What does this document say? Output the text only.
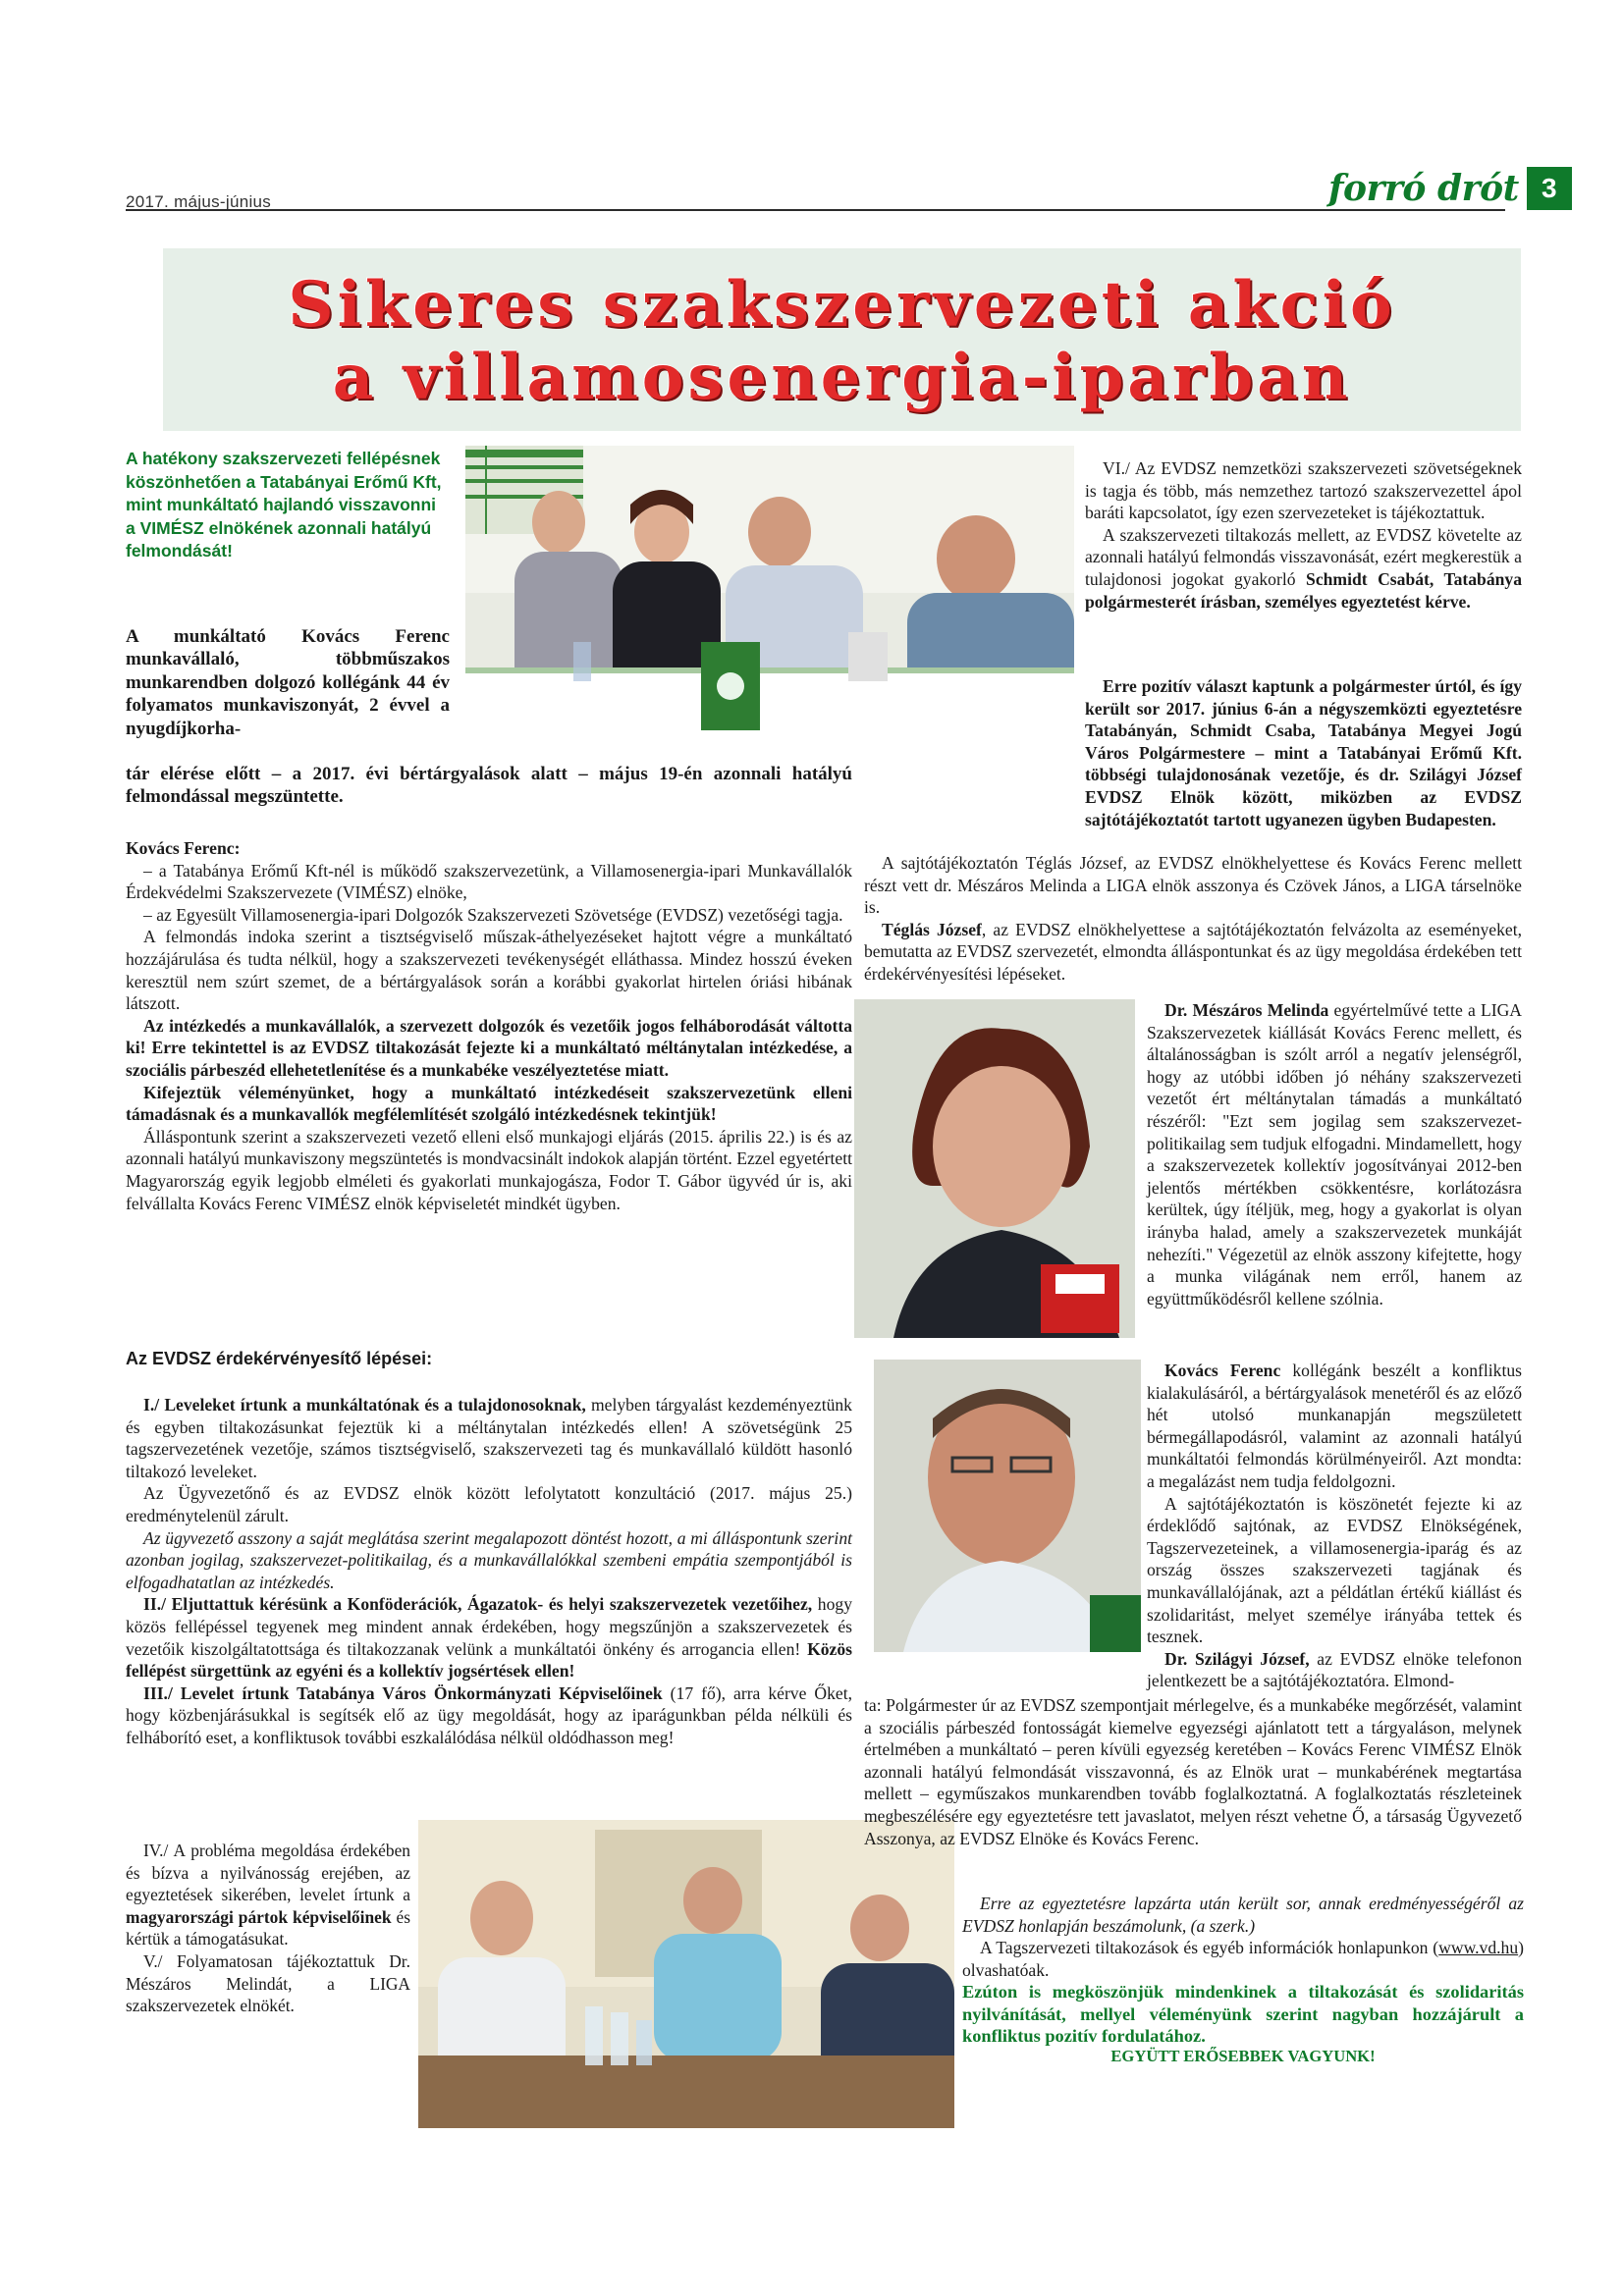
2017. május-június	forró drót 3
Sikeres szakszervezeti akció
a villamosenergia-iparban
A hatékony szakszervezeti fellépésnek köszönhetően a Tatabányai Erőmű Kft, mint munkáltató hajlandó visszavonni a VIMÉSZ elnökének azonnali hatályú felmondását!
A munkáltató Kovács Ferenc munkavállaló, többműszakos munkarendben dolgozó kollégánk 44 év folyamatos munkaviszonyát, 2 évvel a nyugdíjkorha-
tár elérése előtt – a 2017. évi bértárgyalások alatt – május 19-én azonnali hatályú felmondással megszüntette.

Kovács Ferenc:

– a Tatabánya Erőmű Kft-nél is működő szakszervezetünk, a Villamosenergia-ipari Munkavállalók Érdekvédelmi Szakszervezete (VIMÉSZ) elnöke,

– az Egyesült Villamosenergia-ipari Dolgozók Szakszervezeti Szövetsége (EVDSZ) vezetőségi tagja.

A felmondás indoka szerint a tisztségviselő műszak-áthelyezéseket hajtott végre a munkáltató hozzájárulása és tudta nélkül, hogy a szakszervezeti tevékenységét elláthassa. Mindez hosszú éveken keresztül nem szúrt szemet, de a bértárgyalások során a korábbi gyakorlat hirtelen óriási hibának látszott.

Az intézkedés a munkavállalók, a szervezett dolgozók és vezetőik jogos felháborodását váltotta ki! Erre tekintettel is az EVDSZ tiltakozását fejezte ki a munkáltató méltánytalan intézkedése, a szociális párbeszéd ellehetetlenítése és a munkabéke veszélyeztetése miatt.

Kifejeztük véleményünket, hogy a munkáltató intézkedéseit szakszervezetünk elleni támadásnak és a munkavallók megfélemlítését szolgáló intézkedésnek tekintjük!

Álláspontunk szerint a szakszervezeti vezető elleni első munkajogi eljárás (2015. április 22.) is és az azonnali hatályú munkaviszony megszüntetés is mondvacsinált indokok alapján történt. Ezzel egyetértett Magyarország egyik legjobb elméleti és gyakorlati munkajogásza, Fodor T. Gábor ügyvéd úr is, aki felvállalta Kovács Ferenc VIMÉSZ elnök képviseletét mindkét ügyben.

Az EVDSZ érdekérvényesítő lépései:

I./ Leveleket írtunk a munkáltatónak és a tulajdonosoknak, melyben tárgyalást kezdeményeztünk és egyben tiltakozásunkat fejeztük ki a méltánytalan intézkedés ellen! A szövetségünk 25 tagszervezetének vezetője, számos tisztségviselő, szakszervezeti tag és munkavállaló küldött hasonló tiltakozó leveleket.

Az Ügyvezetőnő és az EVDSZ elnök között lefolytatott konzultáció (2017. május 25.) eredménytelenül zárult.

Az ügyvezető asszony a saját meglátása szerint megalapozott döntést hozott, a mi álláspontunk szerint azonban jogilag, szakszervezet-politikailag, és a munkavállalókkal szembeni empátia szempontjából is elfogadhatatlan az intézkedés.

II./ Eljuttattuk kérésünk a Konföderációk, Ágazatok- és helyi szakszervezetek vezetőihez, hogy közös fellépéssel tegyenek meg mindent annak érdekében, hogy megszűnjön a szakszervezetek és vezetőik kiszolgáltatottsága és tiltakozzanak velünk a munkáltatói önkény és arrogancia ellen! Közös fellépést sürgettünk az egyéni és a kollektív jogsértések ellen!

III./ Levelet írtunk Tatabánya Város Önkormányzati Képviselőinek (17 fő), arra kérve Őket, hogy közbenjárásukkal is segítsék elő az ügy megoldását, hogy az iparágunkban példa nélküli és felháborító eset, a konfliktusok további eszkalálódása nélkül oldódhasson meg!

IV./ A probléma megoldása érdekében és bízva a nyilvánosság erejében, az egyeztetések sikerében, levelet írtunk a magyarországi pártok képviselőinek és kértük a támogatásukat.

V./ Folyamatosan tájékoztattuk Dr. Mészáros Melindát, a LIGA szakszervezetek elnökét.

VI./ Az EVDSZ nemzetközi szakszervezeti szövetségeknek is tagja és több, más nemzethez tartozó szakszervezettel ápol baráti kapcsolatot, így ezen szervezeteket is tájékoztattuk.

A szakszervezeti tiltakozás mellett, az EVDSZ követelte az azonnali hatályú felmondás visszavonását, ezért megkerestük a tulajdonosi jogokat gyakorló Schmidt Csabát, Tatabánya polgármesterét írásban, személyes egyeztetést kérve.

Erre pozitív választ kaptunk a polgármester úrtól, és így került sor 2017. június 6-án a négyszemközti egyeztetésre Tatabányán, Schmidt Csaba, Tatabánya Megyei Jogú Város Polgármestere – mint a Tatabányai Erőmű Kft. többségi tulajdonosának vezetője, és dr. Szilágyi József EVDSZ Elnök között, miközben az EVDSZ sajtótájékoztatót tartott ugyanezen ügyben Budapesten.

A sajtótájékoztatón Téglás József, az EVDSZ elnökhelyettese és Kovács Ferenc mellett részt vett dr. Mészáros Melinda a LIGA elnök asszonya és Czövek János, a LIGA társelnöke is.

Téglás József, az EVDSZ elnökhelyettese a sajtótájékoztatón felvázolta az eseményeket, bemutatta az EVDSZ szervezetét, elmondta álláspontunkat és az ügy megoldása érdekében tett érdekérvényesítési lépéseket.

Dr. Mészáros Melinda egyértelművé tette a LIGA Szakszervezetek kiállását Kovács Ferenc mellett, és általánosságban is szólt arról a negatív jelenségről, hogy az utóbbi időben jó néhány szakszervezeti vezetőt ért méltánytalan támadás a munkáltató részéről: "Ezt sem jogilag sem szakszervezet-politikailag sem tudjuk elfogadni. Mindamellett, hogy a szakszervezetek kollektív jogosítványai 2012-ben jelentős mértékben csökkentésre, korlátozásra kerültek, úgy ítéljük, meg, hogy a gyakorlat is olyan irányba halad, amely a szakszervezetek munkáját nehezíti." Végezetül az elnök asszony kifejtette, hogy a munka világának nem erről, hanem az együttműködésről kellene szólnia.

Kovács Ferenc kollégánk beszélt a konfliktus kialakulásáról, a bértárgyalások menetéről és az előző hét utolsó munkanapján megszületett bérmegállapodásról, valamint az azonnali hatályú munkáltatói felmondás körülményeiről. Azt mondta: a megalázást nem tudja feldolgozni.

A sajtótájékoztatón is köszönetét fejezte ki az érdeklődő sajtónak, az EVDSZ Elnökségének, Tagszervezeteinek, a villamosenergia-iparág és az ország összes szakszervezeti tagjának és munkavállalójának, azt a példátlan értékű kiállást és szolidaritást, melyet személye irányába tettek és tesznek.

Dr. Szilágyi József, az EVDSZ elnöke telefonon jelentkezett be a sajtótájékoztatóra. Elmond-

ta: Polgármester úr az EVDSZ szempontjait mérlegelve, és a munkabéke megőrzését, valamint a szociális párbeszéd fontosságát kiemelve egyezségi ajánlatott tett a tárgyaláson, melynek értelmében a munkáltató – peren kívüli egyezség keretében – Kovács Ferenc VIMÉSZ Elnök azonnali hatályú felmondását visszavonná, és az Elnök urat – munkabérének megtartása mellett – egyműszakos munkarendben tovább foglalkoztatná. A foglalkoztatás részleteinek megbeszélésére egy egyeztetésre tett javaslatot, melyen részt vehetne Ő, a társaság Ügyvezető Asszonya, az EVDSZ Elnöke és Kovács Ferenc.

Erre az egyeztetésre lapzárta után került sor, annak eredményességéről az EVDSZ honlapján beszámolunk, (a szerk.)

A Tagszervezeti tiltakozások és egyéb információk honlapunkon (www.vd.hu) olvashatóak.

Ezúton is megköszönjük mindenkinek a tiltakozását és szolidaritás nyilvánítását, mellyel véleményünk szerint nagyban hozzájárult a konfliktus pozitív fordulatához.
EGYÜTT ERŐSEBBEK VAGYUNK!
